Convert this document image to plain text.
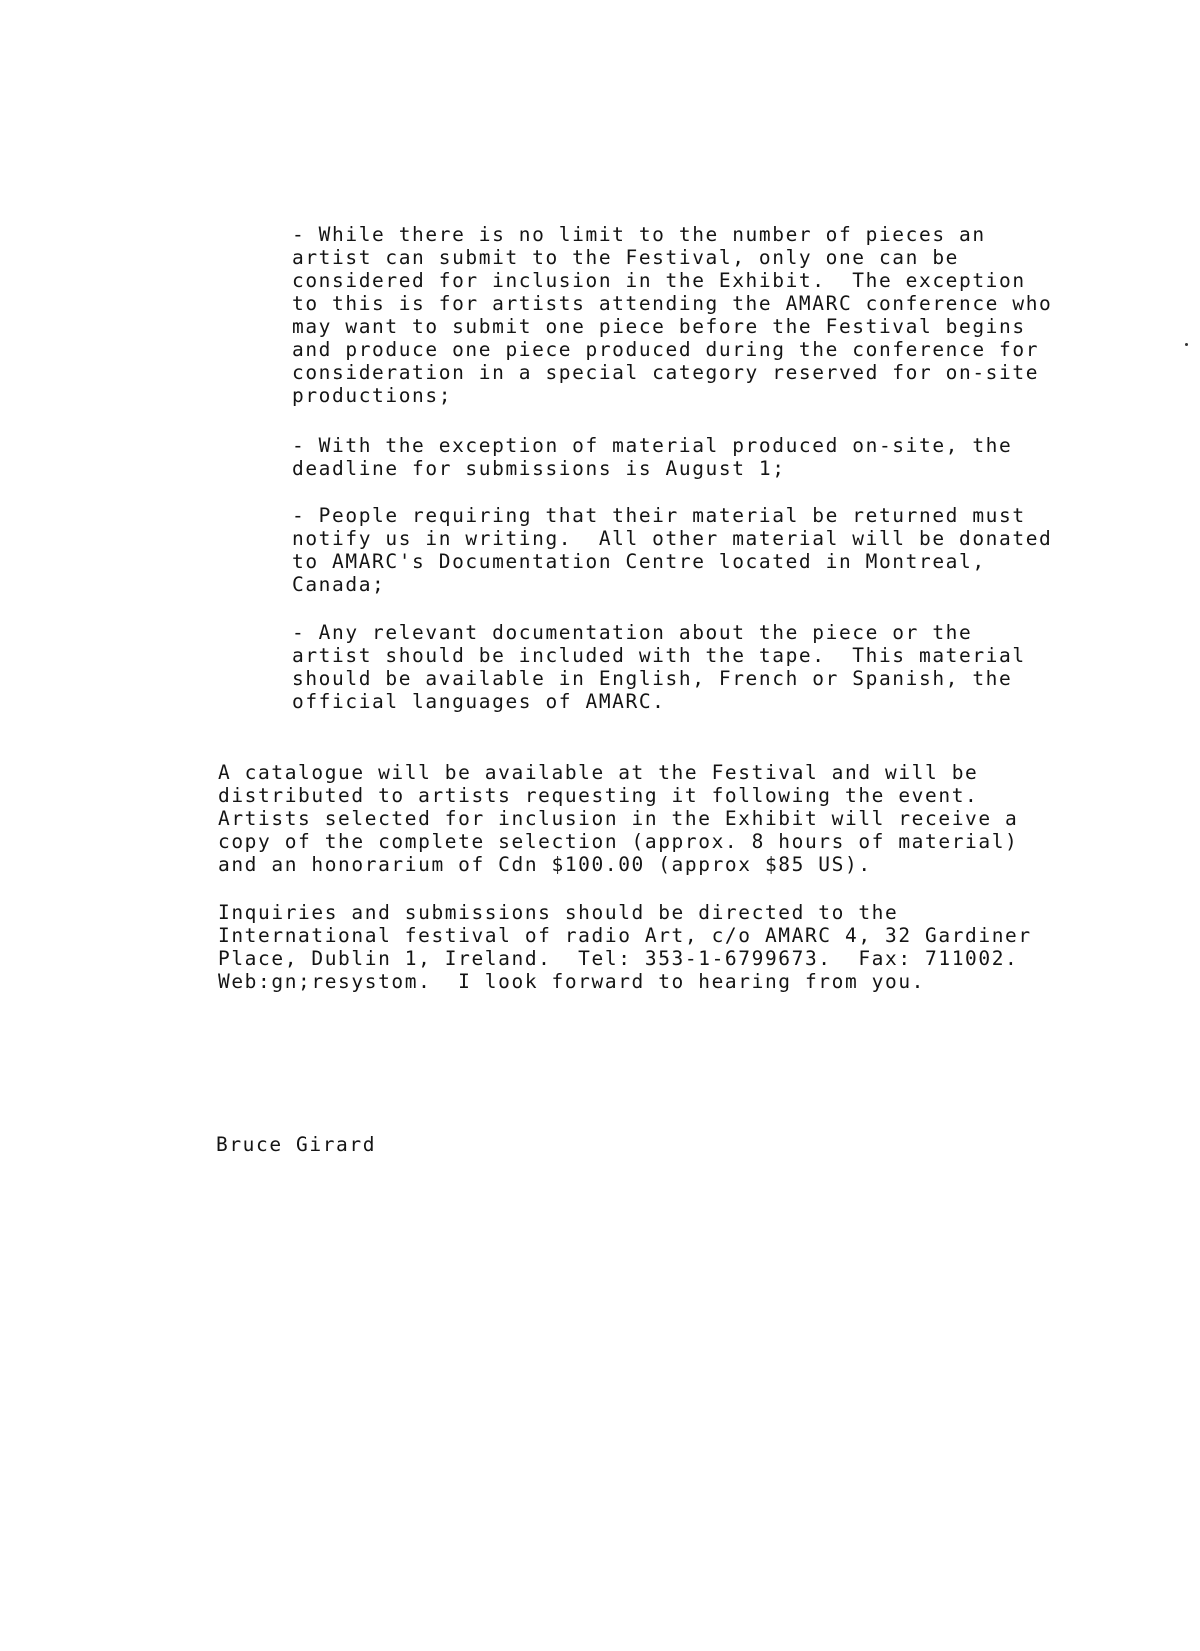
- While there is no limit to the number of pieces an
artist can submit to the Festival, only one can be
considered for inclusion in the Exhibit.  The exception
to this is for artists attending the AMARC conference who
may want to submit one piece before the Festival begins
and produce one piece produced during the conference for
consideration in a special category reserved for on-site
productions;
- With the exception of material produced on-site, the
deadline for submissions is August 1;
- People requiring that their material be returned must
notify us in writing.  All other material will be donated
to AMARC's Documentation Centre located in Montreal,
Canada;
- Any relevant documentation about the piece or the
artist should be included with the tape.  This material
should be available in English, French or Spanish, the
official languages of AMARC.
A catalogue will be available at the Festival and will be
distributed to artists requesting it following the event.
Artists selected for inclusion in the Exhibit will receive a
copy of the complete selection (approx. 8 hours of material)
and an honorarium of Cdn $100.00 (approx $85 US).
Inquiries and submissions should be directed to the
International festival of radio Art, c/o AMARC 4, 32 Gardiner
Place, Dublin 1, Ireland.  Tel: 353-1-6799673.  Fax: 711002.
Web:gn;resystom.  I look forward to hearing from you.
Bruce Girard
